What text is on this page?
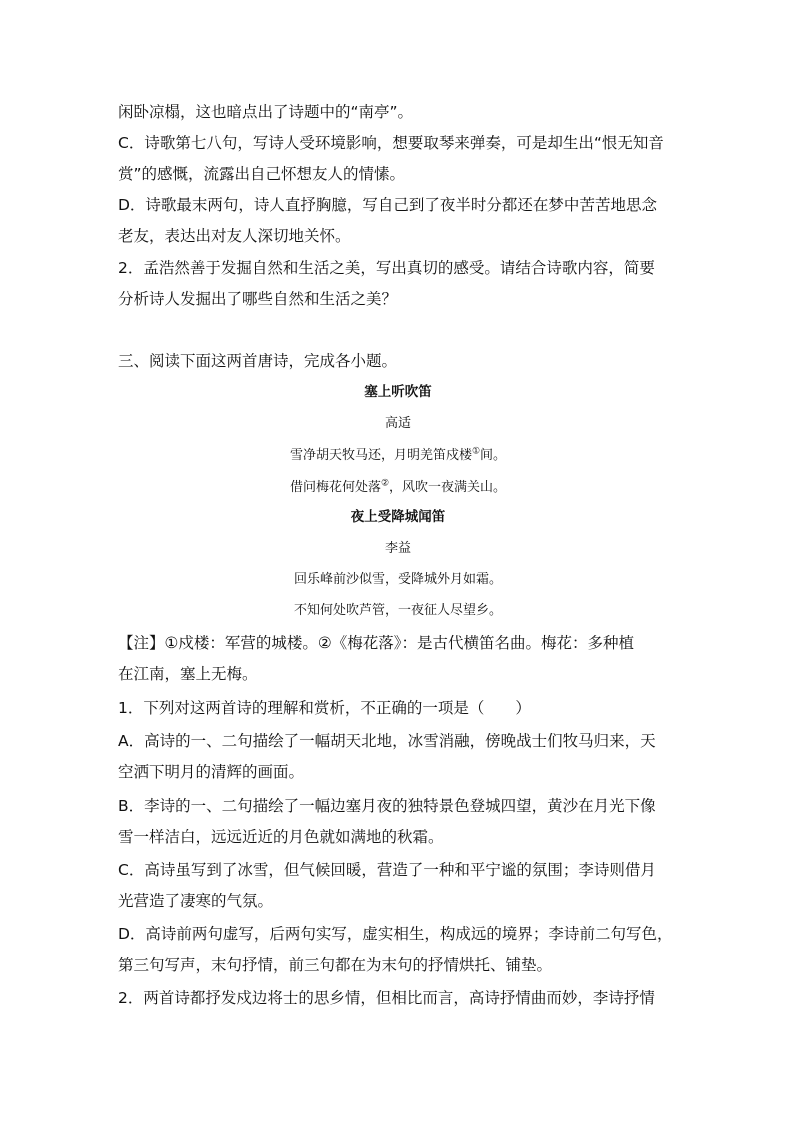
闲卧凉榻，这也暗点出了诗题中的“南亭”。
C．诗歌第七八句，写诗人受环境影响，想要取琴来弹奏，可是却生出“恨无知音
赏”的感慨，流露出自己怀想友人的情愫。
D．诗歌最末两句，诗人直抒胸臆，写自己到了夜半时分都还在梦中苦苦地思念
老友，表达出对友人深切地关怀。
2．孟浩然善于发掘自然和生活之美，写出真切的感受。请结合诗歌内容，简要
分析诗人发掘出了哪些自然和生活之美？
三、阅读下面这两首唐诗，完成各小题。
塞上听吹笛
高适
雪净胡天牧马还，月明羌笛戍楼①间。
借问梅花何处落②，风吹一夜满关山。
夜上受降城闻笛
李益
回乐峰前沙似雪，受降城外月如霜。
不知何处吹芦管，一夜征人尽望乡。
【注】①戍楼：军营的城楼。②《梅花落》：是古代横笛名曲。梅花：多种植
在江南，塞上无梅。
1．下列对这两首诗的理解和赏析，不正确的一项是（　　）
A．高诗的一、二句描绘了一幅胡天北地，冰雪消融，傍晚战士们牧马归来，天
空洒下明月的清辉的画面。
B．李诗的一、二句描绘了一幅边塞月夜的独特景色登城四望，黄沙在月光下像
雪一样洁白，远远近近的月色就如满地的秋霜。
C．高诗虽写到了冰雪，但气候回暖，营造了一种和平宁谧的氛围；李诗则借月
光营造了凄寒的气氛。
D．高诗前两句虚写，后两句实写，虚实相生，构成远的境界；李诗前二句写色，
第三句写声，末句抒情，前三句都在为末句的抒情烘托、铺垫。
2．两首诗都抒发戍边将士的思乡情，但相比而言，高诗抒情曲而妙，李诗抒情
